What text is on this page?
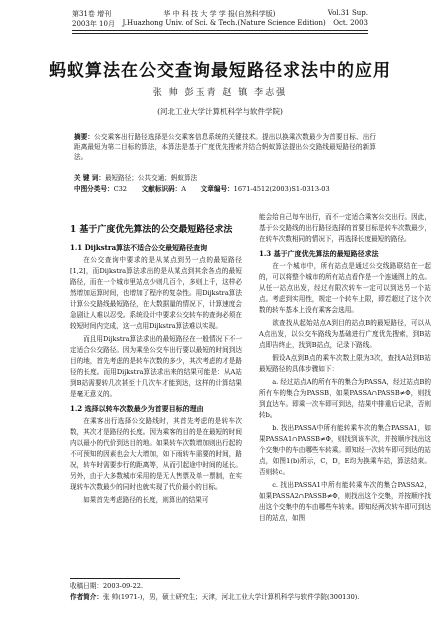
第31卷 增刊	华 中 科 技 大 学 学 报(自然科学版)	Vol.31 Sup.
2003年 10月 J.Huazhong Univ. of Sci. & Tech.(Nature Science Edition) Oct. 2003
蚂蚁算法在公交查询最短路径求法中的应用
张 帅 彭玉青 赵 镇 李志强
(河北工业大学计算机科学与软件学院)
摘要：公交乘客出行路径选择是公交乘客信息系统的关键技术。提出以换乘次数最少为首要目标、出行距离最短为第二目标的算法，本算法是基于广度优先搜索并结合蚂蚁算法提出公交路线最短路径的新算法。
关 键 词：最短路径；公共交通；蚂蚁算法
中图分类号：C32 文献标识码：A 文章编号：1671-4512(2003)S1-0313-03
1 基于广度优先算法的公交最短路径求法
1.1 Dijkstra算法不适合公交最短路径查询

在公交查询中要求的是从某点到另一点的最短路径[1,2]，而Dijkstra算法求出的是从某点到其余各点的最短路径，而在一个城市里站点少则几百个，多则上千，这样必然增加运算时间，也增加了程序的复杂性。用Dijkstra算法计算公交路线最短路径，在大数据量的情况下，计算速度会急剧让人难以忍受。系统设计中要求公交转车的查询必须在较短时间内完成，这一点用Dijkstra算法难以实现。

而且用Dijkstra算法求出的最短路径在一般情况下不一定适合公交路径。因为乘坐公交车出行要以最短的时间到达目的地，首先考虑的是转车次数的多少，其次考虑的才是路径的长度。而用Dijkstra算法求出来的结果可能是：从A站到B站需要转几次甚至十几次车才能到达，这样的计算结果是毫无意义的。

1.2 选择以转车次数最少为首要目标的理由

在乘客出行选择公交路线时，其首先考虑的是转车次数，其次才是路径的长度。因为乘客的目的是在最短的时间内以最小的代价到达目的地。如果转车次数增加则出行起的不可预知的因素也会大大增加，如下雨转车需要的时间，路况，转车时需要步行的距离等，从而引起途中时间的延长。另外，由于大多数城市采用的是无人售票及单一票制，在实现转车次数最少的同时也就实现了代价最小的目标。

如果首先考虑路径的长度，则算出的结果可

能会给自己每车出行，而不一定适合乘客公交出行。因此，基于公交路线的出行路径选择的首要目标是转车次数最少，在转车次数相同的情况下，再选择长度最短的路径。

1.3 基于广度优先算法的最短路径求法

在一个城市中，所有站点是通过公交线路联结在一起的，可以将整个城市的所有站点看作是一个连通图上的点。从任一站点出发，经过有限次转车一定可以到达另一个站点。考虑到实用性，规定一个转车上限，即若超过了这个次数的转车基本上没有乘客会选用。

欲查找从起始站点A到目的站点B的最短路径，可以从A点出发，以公交车路线为基础进行广度优先搜索，到B站点即告终止，找到B站点，记录下路线。

假设A点到B点的乘车次数上限为3次，查找A站到B站最短路径的具体步骤如下：

a. 经过站点A的所有车的集合为PASSA，经过站点B的所有车的集合为PASSB，如果PASSA∩PASSB≠Φ，则找到直达车。即乘一次车即可到达，结果中排重后记录，否则转b。

b. 找出PASSA中所有能转乘车次的集合PASSA1，如果PASSA1∩PASSB≠Φ，则找到该车次，并按顺序找出这个交集中的车由哪些车转乘。即知经一次转车即可到达的站点，如图1(b)所示，C，D，E均为换乘车站，算法结束。否则转c。

c. 找出PASSA1中所有能转乘车次的集合PASSA2，如果PASSA2∩PASSB≠Φ，则找出这个交集，并按顺序找出这个交集中的车由哪些车转来。即知经两次转车即可到达目的站点，如图

收稿日期：2003-09-22.
作者简介：张 帅(1971-)，男，硕士研究生；天津，河北工业大学计算机科学与软件学院(300130).
